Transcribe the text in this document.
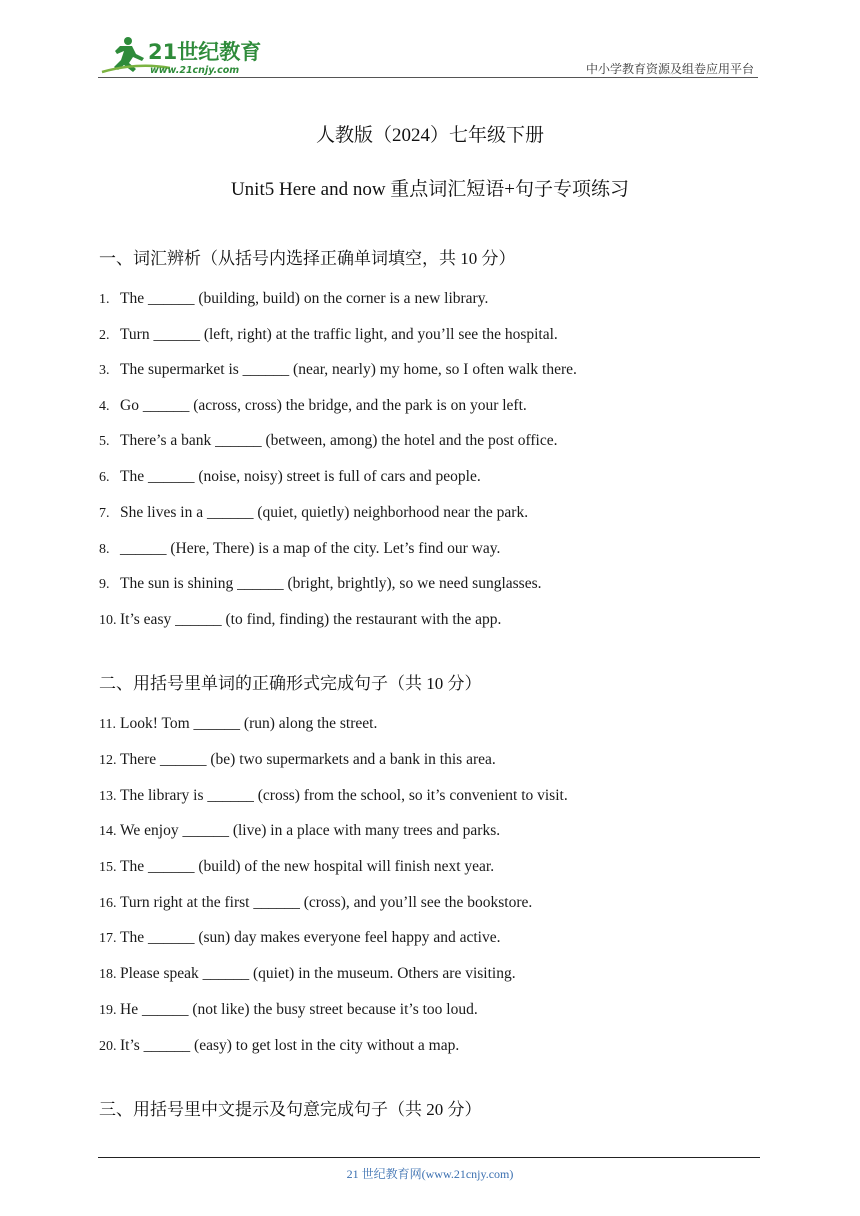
21世纪教育
www.21cnjy.com	中小学教育资源及组卷应用平台
人教版（2024）七年级下册
Unit5 Here and now 重点词汇短语+句子专项练习
一、词汇辨析（从括号内选择正确单词填空，共 10 分）
1. The ______ (building, build) on the corner is a new library.
2. Turn ______ (left, right) at the traffic light, and you’ll see the hospital.
3. The supermarket is ______ (near, nearly) my home, so I often walk there.
4. Go ______ (across, cross) the bridge, and the park is on your left.
5. There’s a bank ______ (between, among) the hotel and the post office.
6. The ______ (noise, noisy) street is full of cars and people.
7. She lives in a ______ (quiet, quietly) neighborhood near the park.
8. ______ (Here, There) is a map of the city. Let’s find our way.
9. The sun is shining ______ (bright, brightly), so we need sunglasses.
10. It’s easy ______ (to find, finding) the restaurant with the app.
二、用括号里单词的正确形式完成句子（共 10 分）
11. Look! Tom ______ (run) along the street.
12. There ______ (be) two supermarkets and a bank in this area.
13. The library is ______ (cross) from the school, so it’s convenient to visit.
14. We enjoy ______ (live) in a place with many trees and parks.
15. The ______ (build) of the new hospital will finish next year.
16. Turn right at the first ______ (cross), and you’ll see the bookstore.
17. The ______ (sun) day makes everyone feel happy and active.
18. Please speak ______ (quiet) in the museum. Others are visiting.
19. He ______ (not like) the busy street because it’s too loud.
20. It’s ______ (easy) to get lost in the city without a map.
三、用括号里中文提示及句意完成句子（共 20 分）
21 世纪教育网(www.21cnjy.com)
